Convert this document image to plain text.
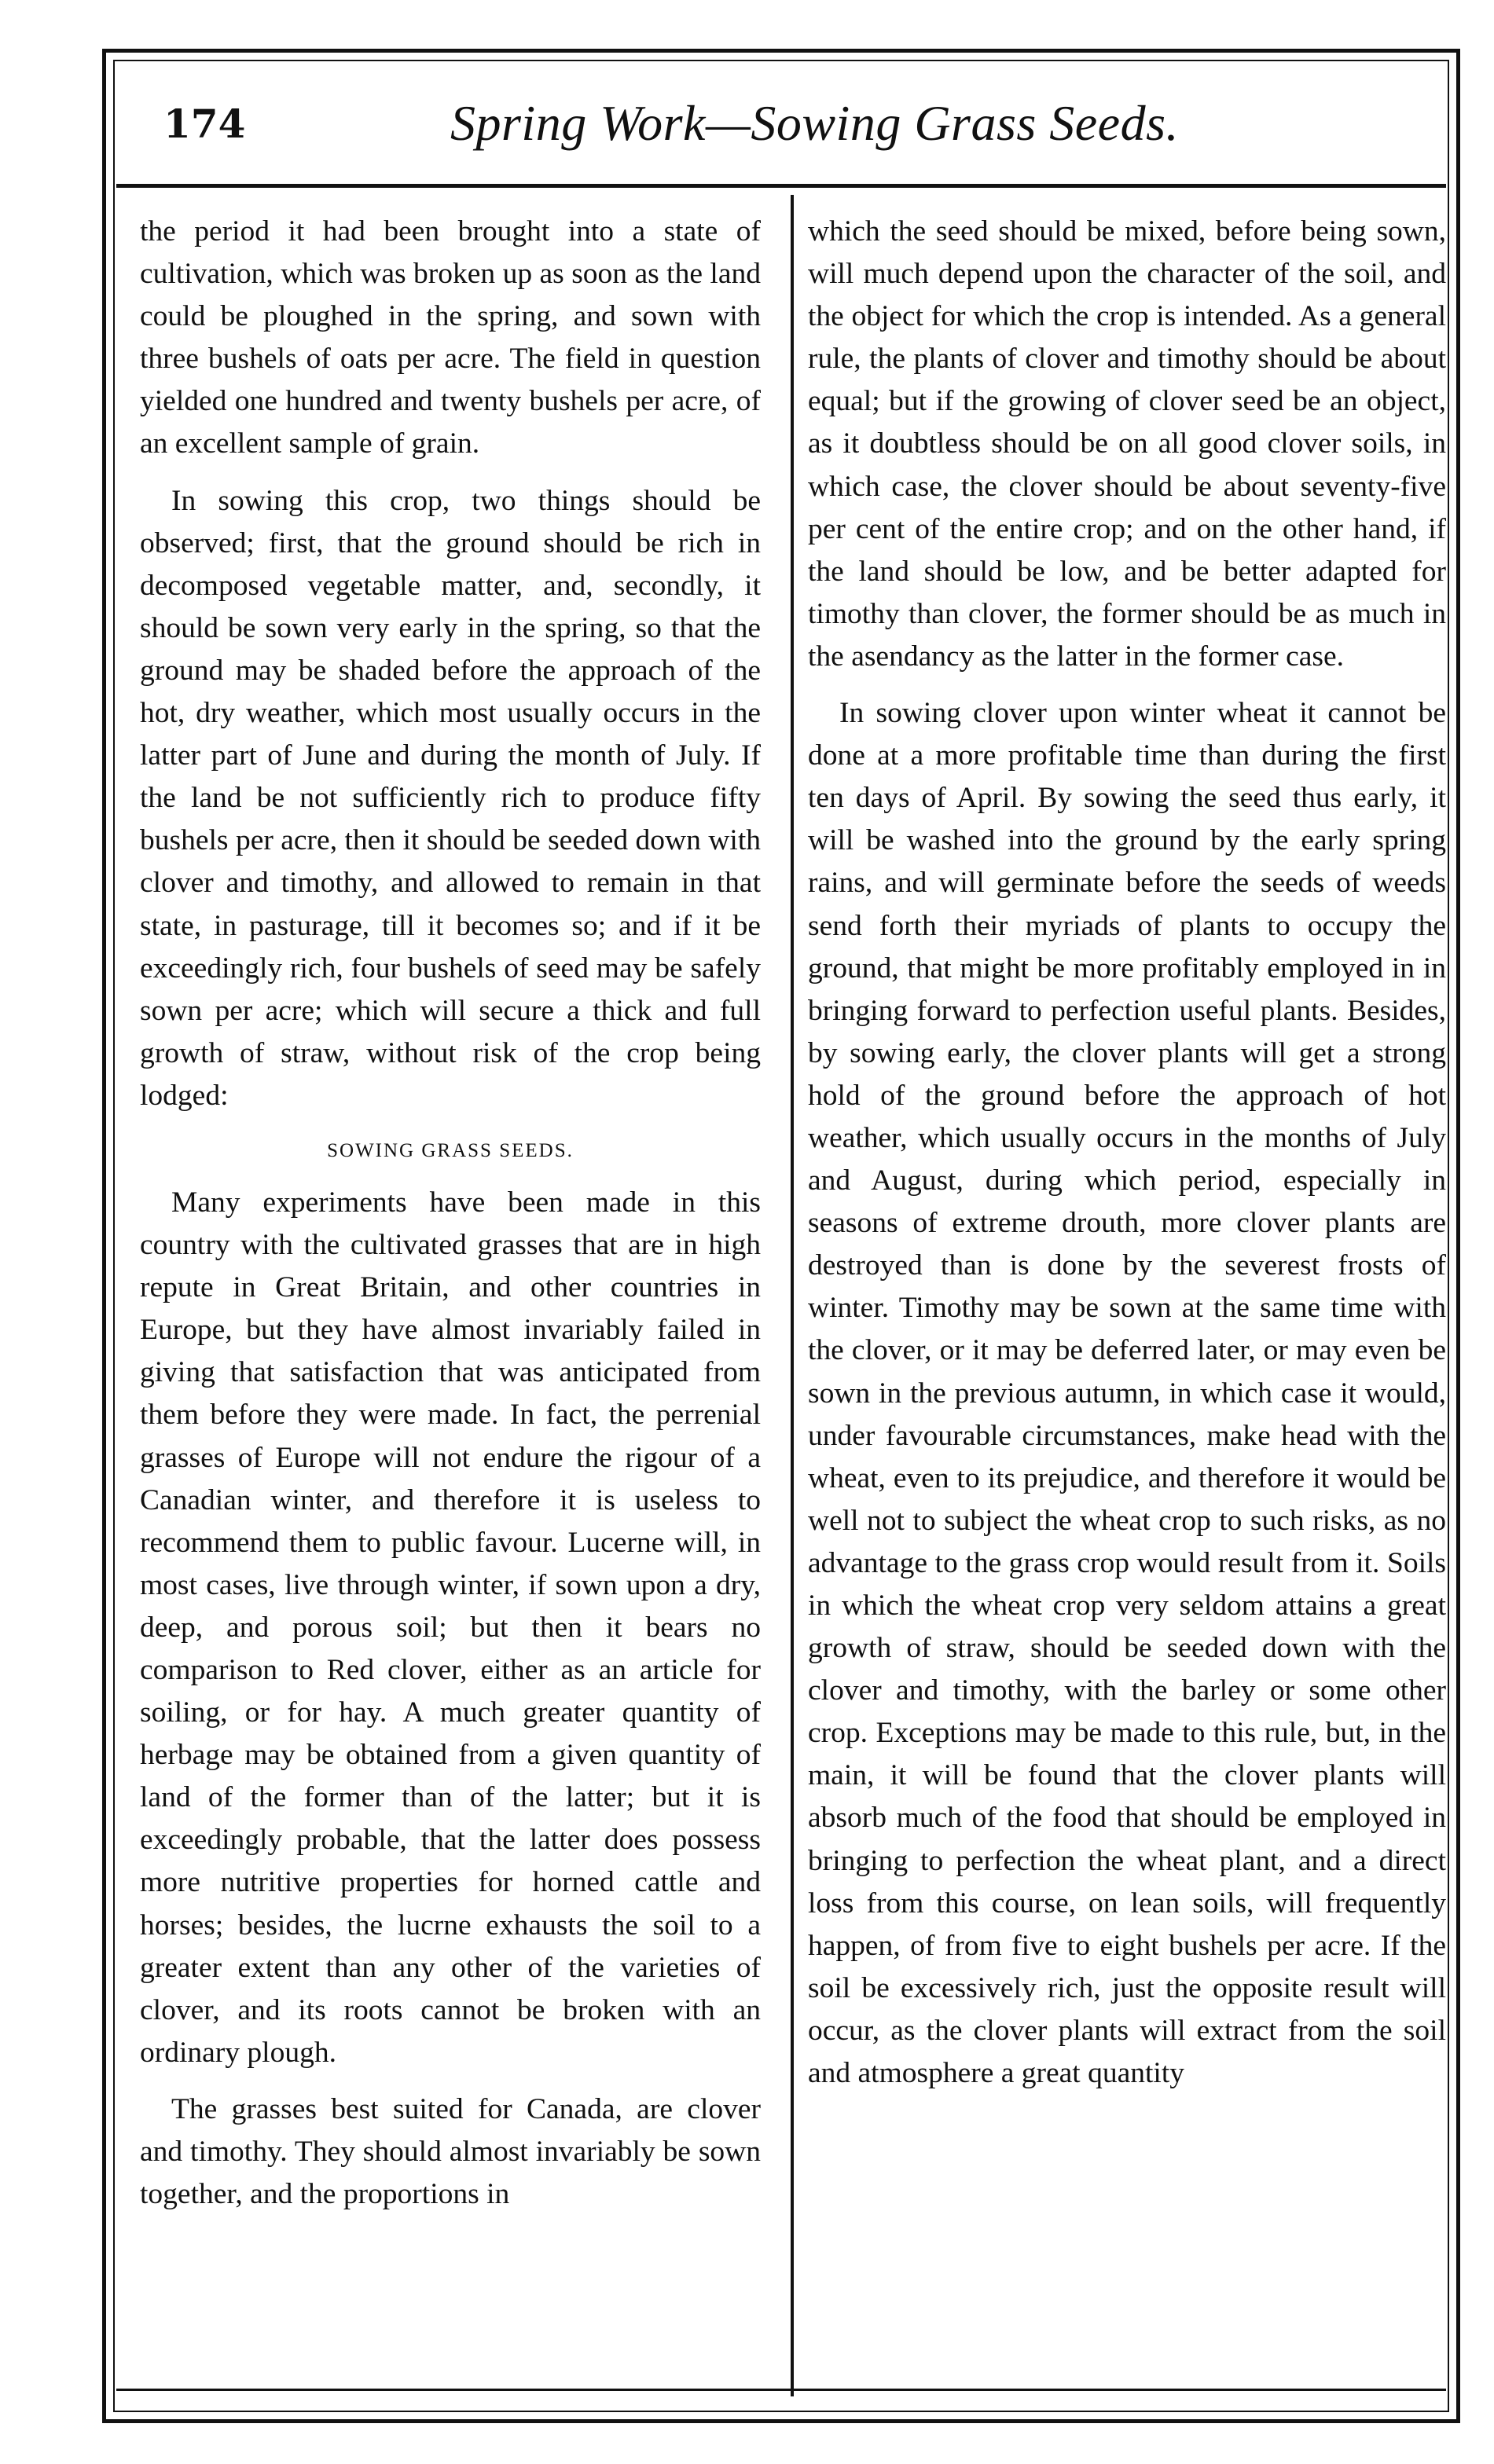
174	Spring Work—Sowing Grass Seeds.

the period it had been brought into a state of cultivation, which was broken up as soon as the land could be ploughed in the spring, and sown with three bushels of oats per acre. The field in question yielded one hundred and twenty bushels per acre, of an excellent sample of grain.

In sowing this crop, two things should be observed; first, that the ground should be rich in decomposed vegetable matter, and, secondly, it should be sown very early in the spring, so that the ground may be shaded before the approach of the hot, dry weather, which most usually occurs in the latter part of June and during the month of July. If the land be not sufficiently rich to produce fifty bushels per acre, then it should be seeded down with clover and timothy, and allowed to remain in that state, in pasturage, till it becomes so; and if it be exceedingly rich, four bushels of seed may be safely sown per acre; which will secure a thick and full growth of straw, without risk of the crop being lodged:

SOWING GRASS SEEDS.

Many experiments have been made in this country with the cultivated grasses that are in high repute in Great Britain, and other countries in Europe, but they have almost invariably failed in giving that satisfaction that was anticipated from them before they were made. In fact, the perrenial grasses of Europe will not endure the rigour of a Canadian winter, and therefore it is useless to recommend them to public favour. Lucerne will, in most cases, live through winter, if sown upon a dry, deep, and porous soil; but then it bears no comparison to Red clover, either as an article for soiling, or for hay. A much greater quantity of herbage may be obtained from a given quantity of land of the former than of the latter; but it is exceedingly probable, that the latter does possess more nutritive properties for horned cattle and horses; besides, the lucrne exhausts the soil to a greater extent than any other of the varieties of clover, and its roots cannot be broken with an ordinary plough.

The grasses best suited for Canada, are clover and timothy. They should almost invariably be sown together, and the proportions in

which the seed should be mixed, before being sown, will much depend upon the character of the soil, and the object for which the crop is intended. As a general rule, the plants of clover and timothy should be about equal; but if the growing of clover seed be an object, as it doubtless should be on all good clover soils, in which case, the clover should be about seventy-five per cent of the entire crop; and on the other hand, if the land should be low, and be better adapted for timothy than clover, the former should be as much in the asendancy as the latter in the former case.

In sowing clover upon winter wheat it cannot be done at a more profitable time than during the first ten days of April. By sowing the seed thus early, it will be washed into the ground by the early spring rains, and will germinate before the seeds of weeds send forth their myriads of plants to occupy the ground, that might be more profitably employed in in bringing forward to perfection useful plants. Besides, by sowing early, the clover plants will get a strong hold of the ground before the approach of hot weather, which usually occurs in the months of July and August, during which period, especially in seasons of extreme drouth, more clover plants are destroyed than is done by the severest frosts of winter. Timothy may be sown at the same time with the clover, or it may be deferred later, or may even be sown in the previous autumn, in which case it would, under favourable circumstances, make head with the wheat, even to its prejudice, and therefore it would be well not to subject the wheat crop to such risks, as no advantage to the grass crop would result from it. Soils in which the wheat crop very seldom attains a great growth of straw, should be seeded down with the clover and timothy, with the barley or some other crop. Exceptions may be made to this rule, but, in the main, it will be found that the clover plants will absorb much of the food that should be employed in bringing to perfection the wheat plant, and a direct loss from this course, on lean soils, will frequently happen, of from five to eight bushels per acre. If the soil be excessively rich, just the opposite result will occur, as the clover plants will extract from the soil and atmosphere a great quantity
